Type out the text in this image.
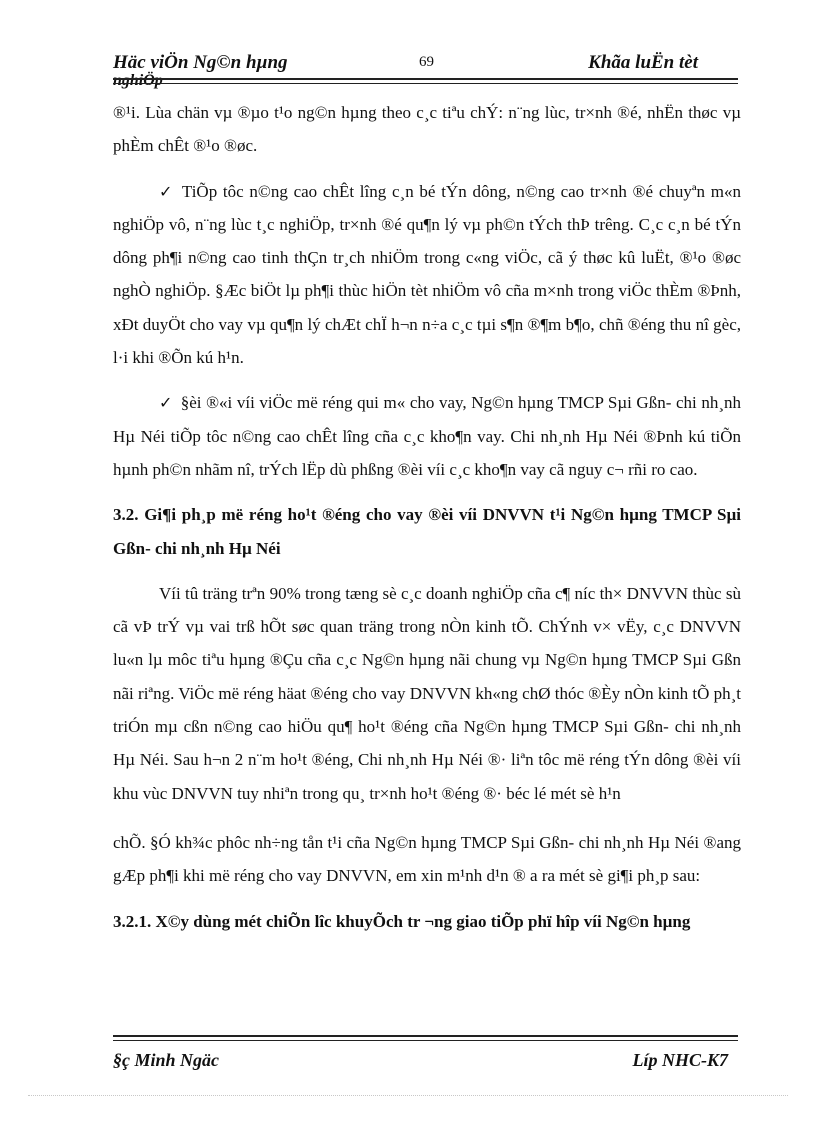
Häc viÖn Ng©n hµng
nghiÖp
69	Khãa luËn tèt

®¹i. Lùa chän vµ ®µo t¹o ng©n hµng theo c¸c tiªu chÝ: n¨ng lùc, tr×nh ®é, nhËn thøc vµ phÈm chÊt ®¹o ®øc.

✓ TiÕp tôc n©ng cao chÊt lîng c¸n bé tÝn dông, n©ng cao tr×nh ®é chuyªn m«n nghiÖp vô, n¨ng lùc t¸c nghiÖp, tr×nh ®é qu¶n lý vµ ph©n tÝch thÞ trêng. C¸c c¸n bé tÝn dông ph¶i n©ng cao tinh thÇn tr¸ch nhiÖm trong c«ng viÖc, cã ý thøc kû luËt, ®¹o ®øc nghÒ nghiÖp. §Æc biÖt lµ ph¶i thùc hiÖn tèt nhiÖm vô cña m×nh trong viÖc thÈm ®Þnh, xÐt duyÖt cho vay vµ qu¶n lý chÆt chÏ h¬n n÷a c¸c tµi s¶n ®¶m b¶o, chñ ®éng thu nî gèc, l·i khi ®Õn kú h¹n.

✓ §èi ®«i víi viÖc më réng qui m« cho vay, Ng©n hµng TMCP Sµi Gßn- chi nh¸nh Hµ Néi tiÕp tôc n©ng cao chÊt lîng cña c¸c kho¶n vay. Chi nh¸nh Hµ Néi ®Þnh kú tiÕn hµnh ph©n nhãm nî, trÝch lËp dù phßng ®èi víi c¸c kho¶n vay cã nguy c¬ rñi ro cao.

3.2. Gi¶i ph¸p më réng ho¹t ®éng cho vay ®èi víi DNVVN t¹i Ng©n hµng TMCP Sµi Gßn- chi nh¸nh Hµ Néi

Víi tû träng trªn 90% trong tæng sè c¸c doanh nghiÖp cña c¶ níc th× DNVVN thùc sù cã vÞ trÝ vµ vai trß hÕt søc quan träng trong nÒn kinh tÕ. ChÝnh v× vËy, c¸c DNVVN lu«n lµ môc tiªu hµng ®Çu cña c¸c Ng©n hµng nãi chung vµ Ng©n hµng TMCP Sµi Gßn nãi riªng. ViÖc më réng häat ®éng cho vay DNVVN kh«ng chØ thóc ®Èy nÒn kinh tÕ ph¸t triÓn mµ cßn n©ng cao hiÖu qu¶ ho¹t ®éng cña Ng©n hµng TMCP Sµi Gßn- chi nh¸nh Hµ Néi. Sau h¬n 2 n¨m ho¹t ®éng, Chi nh¸nh Hµ Néi ®· liªn tôc më réng tÝn dông ®èi víi khu vùc DNVVN tuy nhiªn trong qu¸ tr×nh ho¹t ®éng ®· béc lé mét sè h¹n

chÕ. §Ó kh¾c phôc nh÷ng tån t¹i cña Ng©n hµng TMCP Sµi Gßn- chi nh¸nh Hµ Néi ®ang gÆp ph¶i khi më réng cho vay DNVVN, em xin m¹nh d¹n ® a ra mét sè gi¶i ph¸p sau:

3.2.1. X©y dùng mét chiÕn lîc khuyÕch tr ¬ng giao tiÕp phï hîp víi Ng©n hµng

§ç Minh Ngäc	Líp NHC-K7
